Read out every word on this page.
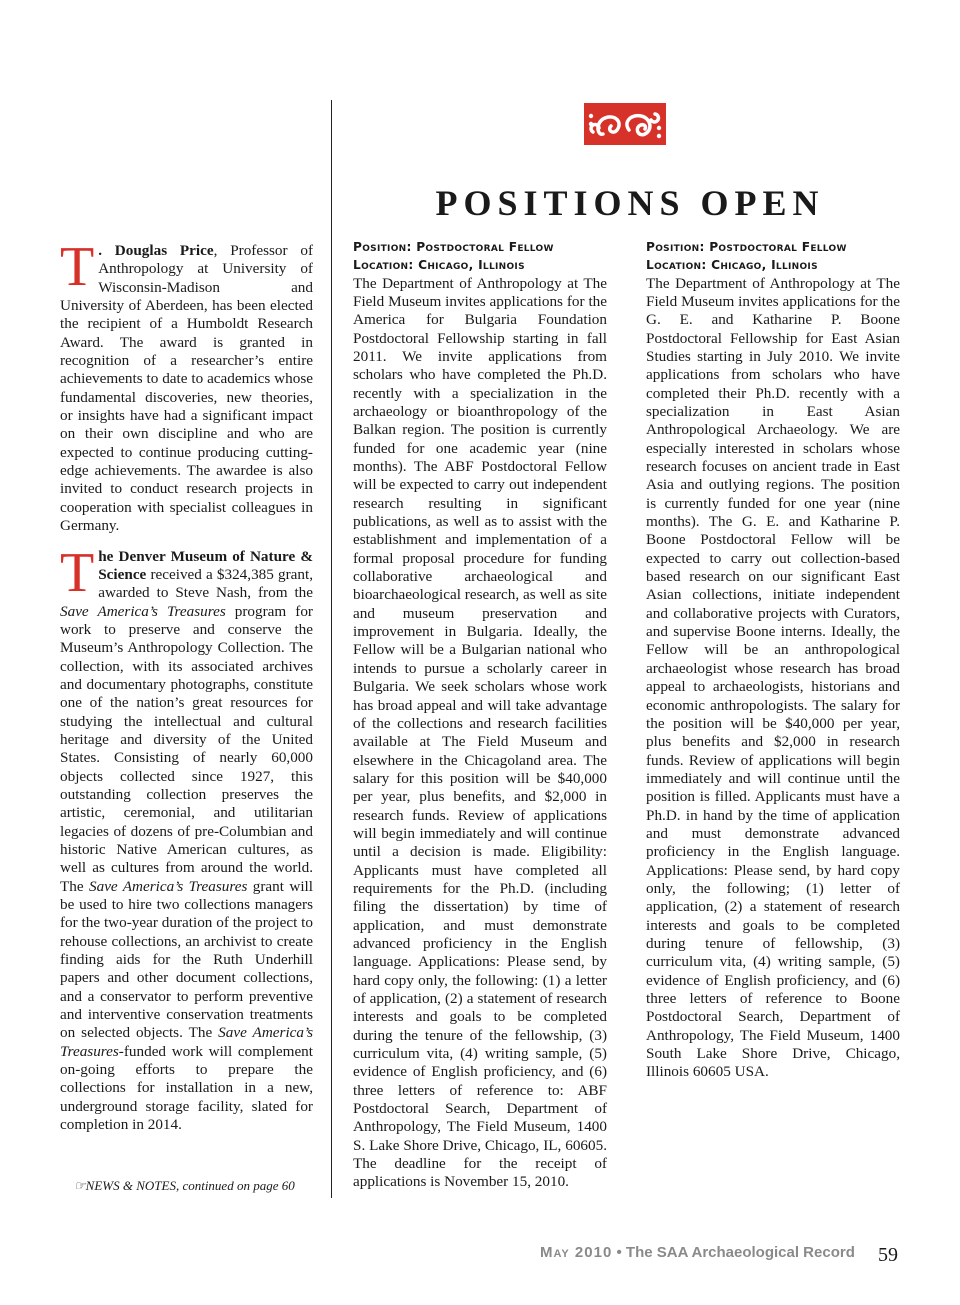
T . Douglas Price, Professor of Anthropology at University of Wisconsin-Madison and University of Aberdeen, has been elected the recipient of a Humboldt Research Award. The award is granted in recognition of a researcher’s entire achievements to date to academics whose fundamental discoveries, new theories, or insights have had a significant impact on their own discipline and who are expected to continue producing cutting-edge achievements. The awardee is also invited to conduct research projects in cooperation with specialist colleagues in Germany.

The Denver Museum of Nature & Science received a $324,385 grant, awarded to Steve Nash, from the Save America’s Treasures program for work to preserve and conserve the Museum’s Anthropology Collection. The collection, with its associated archives and documentary photographs, constitute one of the nation’s great resources for studying the intellectual and cultural heritage and diversity of the United States. Consisting of nearly 60,000 objects collected since 1927, this outstanding collection preserves the artistic, ceremonial, and utilitarian legacies of dozens of pre-Columbian and historic Native American cultures, as well as cultures from around the world. The Save America’s Treasures grant will be used to hire two collections managers for the two-year duration of the project to rehouse collections, an archivist to create finding aids for the Ruth Underhill papers and other document collections, and a conservator to perform preventive and interventive conservation treatments on selected objects. The Save America’s Treasures-funded work will complement on-going efforts to prepare the collections for installation in a new, underground storage facility, slated for completion in 2014.

☞NEWS & NOTES, continued on page 60
POSITIONS OPEN
Position: Postdoctoral Fellow
Location: Chicago, Illinois

The Department of Anthropology at The Field Museum invites applications for the America for Bulgaria Foundation Postdoctoral Fellowship starting in fall 2011. We invite applications from scholars who have completed the Ph.D. recently with a specialization in the archaeology or bioanthropology of the Balkan region. The position is currently funded for one academic year (nine months). The ABF Postdoctoral Fellow will be expected to carry out independent research resulting in significant publications, as well as to assist with the establishment and implementation of a formal proposal procedure for funding collaborative archaeological and bioarchaeological research, as well as site and museum preservation and improvement in Bulgaria. Ideally, the Fellow will be a Bulgarian national who intends to pursue a scholarly career in Bulgaria. We seek scholars whose work has broad appeal and will take advantage of the collections and research facilities available at The Field Museum and elsewhere in the Chicagoland area. The salary for this position will be $40,000 per year, plus benefits, and $2,000 in research funds. Review of applications will begin immediately and will continue until a decision is made. Eligibility: Applicants must have completed all requirements for the Ph.D. (including filing the dissertation) by time of application, and must demonstrate advanced proficiency in the English language. Applications: Please send, by hard copy only, the following: (1) a letter of application, (2) a statement of research interests and goals to be completed during the tenure of the fellowship, (3) curriculum vita, (4) writing sample, (5) evidence of English proficiency, and (6) three letters of reference to: ABF Postdoctoral Search, Department of Anthropology, The Field Museum, 1400 S. Lake Shore Drive, Chicago, IL, 60605. The deadline for the receipt of applications is November 15, 2010.

Position: Postdoctoral Fellow
Location: Chicago, Illinois

The Department of Anthropology at The Field Museum invites applications for the G. E. and Katharine P. Boone Postdoctoral Fellowship for East Asian Studies starting in July 2010. We invite applications from scholars who have completed their Ph.D. recently with a specialization in East Asian Anthropological Archaeology. We are especially interested in scholars whose research focuses on ancient trade in East Asia and outlying regions. The position is currently funded for one year (nine months). The G. E. and Katharine P. Boone Postdoctoral Fellow will be expected to carry out collection-based based research on our significant East Asian collections, initiate independent and collaborative projects with Curators, and supervise Boone interns. Ideally, the Fellow will be an anthropological archaeologist whose research has broad appeal to archaeologists, historians and economic anthropologists. The salary for the position will be $40,000 per year, plus benefits and $2,000 in research funds. Review of applications will begin immediately and will continue until the position is filled. Applicants must have a Ph.D. in hand by the time of application and must demonstrate advanced proficiency in the English language. Applications: Please send, by hard copy only, the following; (1) letter of application, (2) a statement of research interests and goals to be completed during tenure of fellowship, (3) curriculum vita, (4) writing sample, (5) evidence of English proficiency, and (6) three letters of reference to Boone Postdoctoral Search, Department of Anthropology, The Field Museum, 1400 South Lake Shore Drive, Chicago, Illinois 60605 USA.

May 2010 • The SAA Archaeological Record 59
